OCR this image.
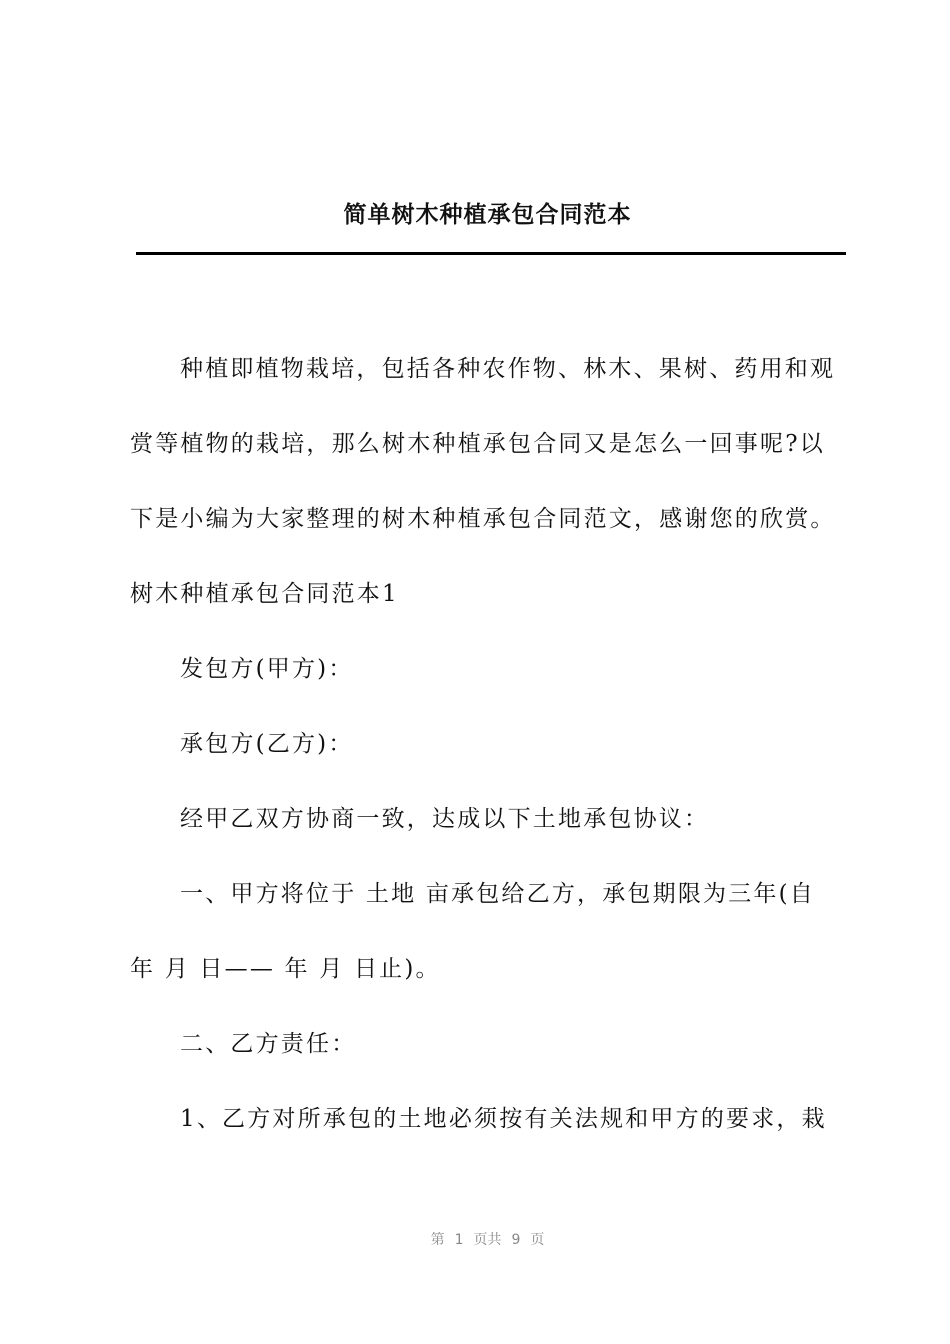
简单树木种植承包合同范本
种植即植物栽培，包括各种农作物、林木、果树、药用和观
赏等植物的栽培，那么树木种植承包合同又是怎么一回事呢?以
下是小编为大家整理的树木种植承包合同范文，感谢您的欣赏。
树木种植承包合同范本1
发包方(甲方)：
承包方(乙方)：
经甲乙双方协商一致，达成以下土地承包协议：
一、甲方将位于 土地 亩承包给乙方，承包期限为三年(自
年 月 日—— 年 月 日止)。
二、乙方责任：
1、乙方对所承包的土地必须按有关法规和甲方的要求，栽
第 1 页共 9 页
